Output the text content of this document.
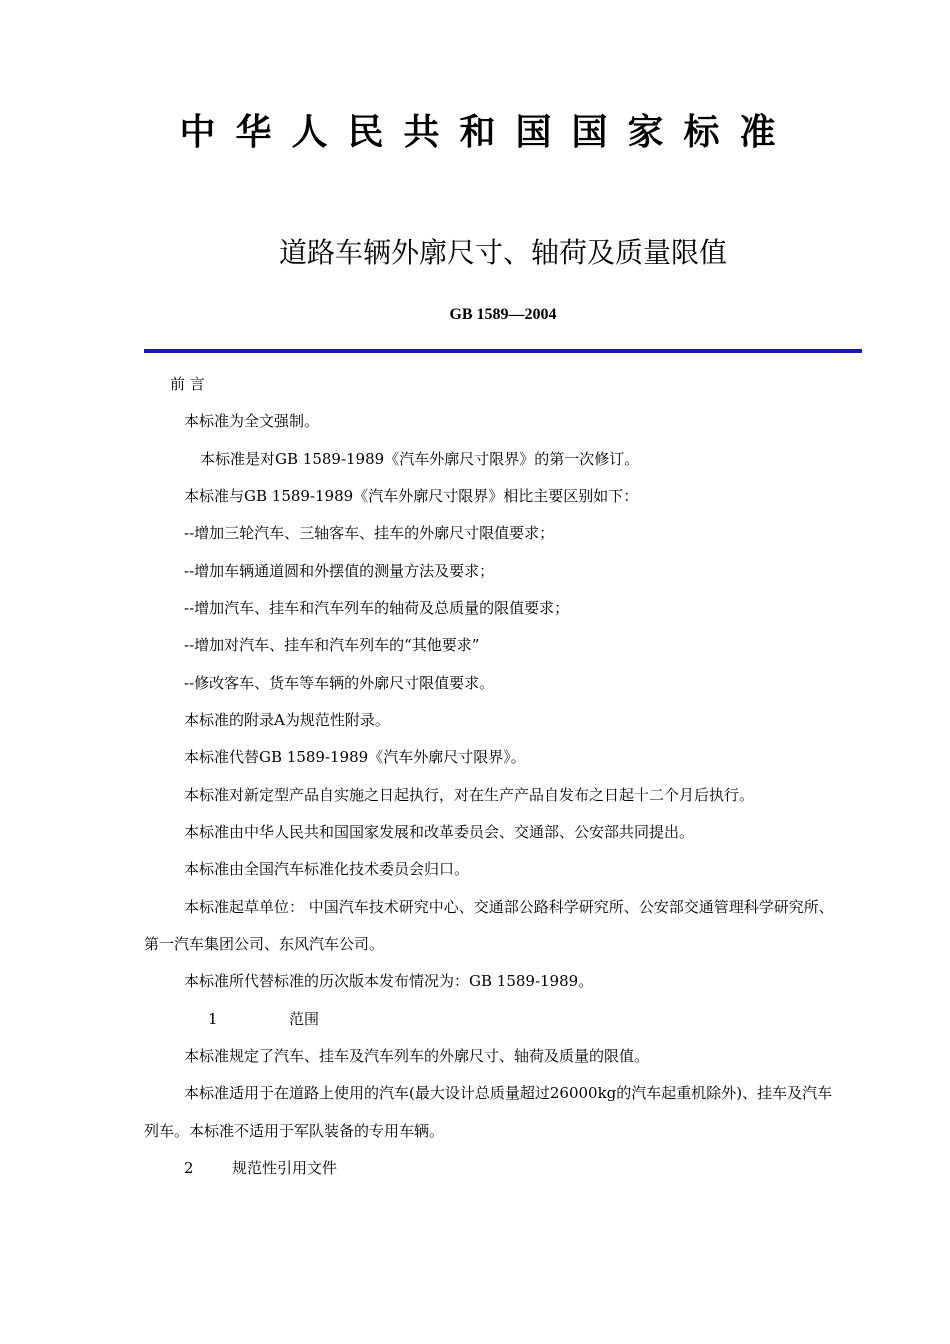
中华人民共和国国家标准
道路车辆外廓尺寸、轴荷及质量限值
GB 1589—2004
前 言
本标准为全文强制。
本标准是对GB 1589-1989《汽车外廓尺寸限界》的第一次修订。
本标准与GB 1589-1989《汽车外廓尺寸限界》相比主要区别如下：
--增加三轮汽车、三轴客车、挂车的外廓尺寸限值要求；
--增加车辆通道圆和外摆值的测量方法及要求；
--增加汽车、挂车和汽车列车的轴荷及总质量的限值要求；
--增加对汽车、挂车和汽车列车的“其他要求”
--修改客车、货车等车辆的外廓尺寸限值要求。
本标准的附录A为规范性附录。
本标准代替GB 1589-1989《汽车外廓尺寸限界》。
本标准对新定型产品自实施之日起执行，对在生产产品自发布之日起十二个月后执行。
本标准由中华人民共和国国家发展和改革委员会、交通部、公安部共同提出。
本标准由全国汽车标准化技术委员会归口。
本标准起草单位： 中国汽车技术研究中心、交通部公路科学研究所、公安部交通管理科学研究所、
第一汽车集团公司、东风汽车公司。
本标准所代替标准的历次版本发布情况为：GB 1589-1989。
1	范围
本标准规定了汽车、挂车及汽车列车的外廓尺寸、轴荷及质量的限值。
本标准适用于在道路上使用的汽车(最大设计总质量超过26000kg的汽车起重机除外)、挂车及汽车
列车。本标准不适用于军队装备的专用车辆。
2	规范性引用文件
